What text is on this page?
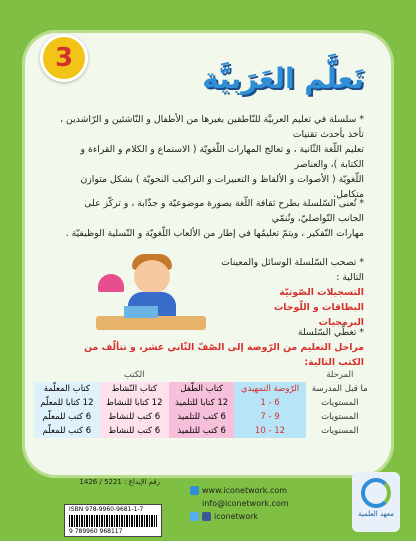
3
تَعلَّم العَرَبيَّة
* سلسلة في تعليم العربيَّة للنّاطقين بغيرها من الأطفال و النّاشئين و الرّاشدين ، تأخذ بأحدث تقنيات
تعليم اللّغة الثّانية ، و تعالج المهارات اللّغويّة ( الاستماع و الكلام و القراءة و الكتابة )، والعناصر
اللّغويّة ( الأصوات و الألفاظ و التعبيرات و التراكيب النحويّة ) بشكل متوازن متكامل.
* تُعنى السّلسلة بطرح ثقافة اللّغة بصورة موضوعيّة و جذّابة ، و تركّز على الجانب التّواصليّ، وتُنمّي
مهارات التّفكير ، ويتمّ تعليمُها في إطار من الألعاب اللّغويّة و التّسلية الوظيفيّة .
* تصحب السّلسلة الوسائل والمعينات التالية :
التسجيلات الصّوتيّة
البطاقات و اللّوحات
البرمجيات
* تغطّي السّلسلة
مراحل التعليم من الرّوضة إلى الصّفّ الثّاني عشر، و تتألّف من الكتب التالية:
المرحلة		الكتب		
ما قبل المدرسة	الرّوضة التمهيدي	كتاب الطّفل	كتاب النّشاط	كتاب المعلّمة
المستويات	6 - 1	12 كتابا للتلميذ	12 كتابا للنشاط	12 كتابا للمعلّم
المستويات	9 - 7	6 كتب للتلميذ	6 كتب للنشاط	6 كتب للمعلّم
المستويات	12 - 10	6 كتب للتلميذ	6 كتب للنشاط	6 كتب للمعلّم
رقم الإيداع : 5221 / 1426
ISBN 978-9960-9681-1-7
9 789960 968117
www.iconetwork.com
info@iconetwork.com
iconetwork	معهد العلمية
